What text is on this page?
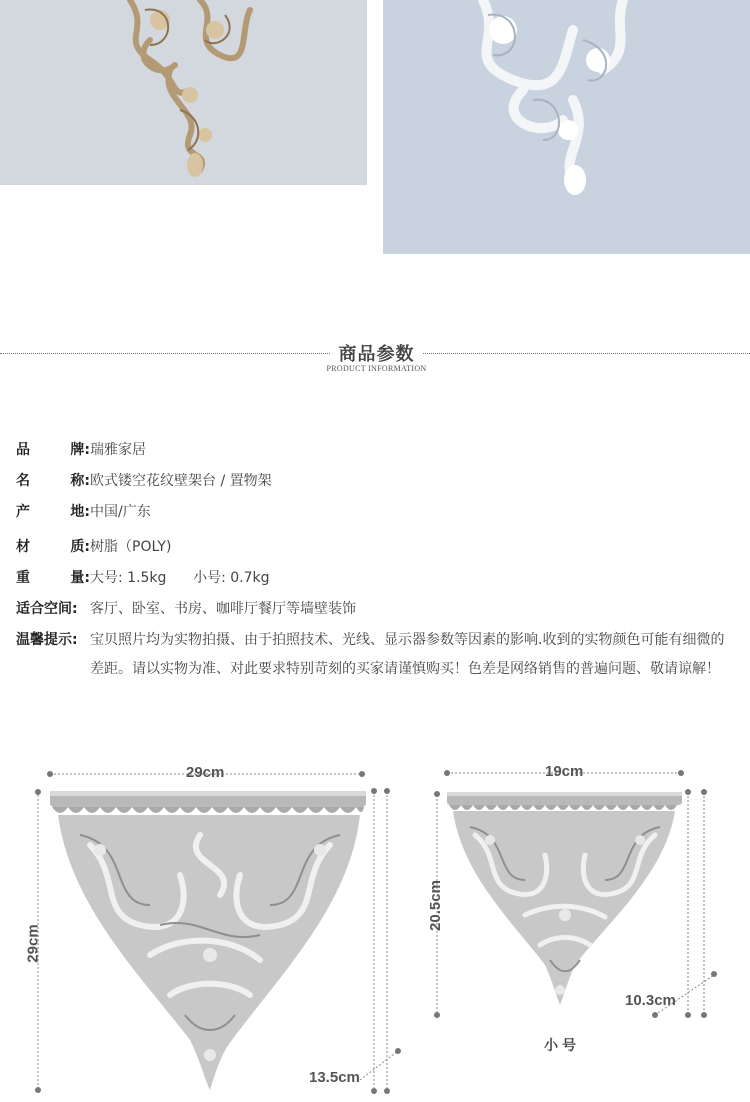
商品参数
PRODUCT INFORMATION
品	牌: 瑞雅家居
名	称: 欧式镂空花纹壁架台 / 置物架
产	地: 中国/广东
材	质: 树脂（POLY)
重	量: 大号: 1.5kg      小号: 0.7kg
适合空间: 客厅、卧室、书房、咖啡厅餐厅等墙壁装饰
温馨提示: 宝贝照片均为实物拍摄、由于拍照技术、光线、显示器参数等因素的影响.收到的实物颜色可能有细微的差距。请以实物为准、对此要求特别苛刻的买家请谨慎购买！色差是网络销售的普遍问题、敬请谅解！
29cm
29cm
13.5cm
19cm
20.5cm
10.3cm
小号
